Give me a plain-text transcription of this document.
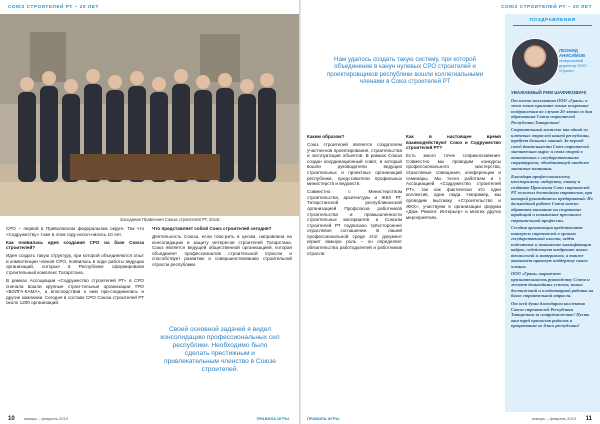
СОЮЗ СТРОИТЕЛЕЙ РТ – 20 ЛЕТ
Заседание Правления Союза строителей РТ, 2014г.

СРО – первой в Приволжском федеральном округе. Так что «Содружеству» тоже в этом году испол-нилось 10 лет.

Как появилась идея создания СРО на базе Союза строителей?

Идея создать такую структуру, при которой объединяются опыт и компетенции членов СРО, появилась в ходе работы ведущих организаций, которые в Республике сформировали строительный комплекс Татарстана.

В рамках Ассоциации «Содружество строителей РТ» в СРО сначала вошли крупные строи-тельные организации ТРО «ВОЛГА-КАМА», а впоследствии к ним при-соединились и другие компании. Сегодня в составе СРО Союза строителей РТ около 1200 организаций.

Что представляет собой Союз строителей сегодня?

Деятельность Союза, если гово-рить в целом, направлена на консолидацию и защиту интересов строителей Татарстана. Союз является ведущей общественной организацией, которая объединяет профессионалов строительной отрасли и способствует развитию и совершенствованию строительной отрасли республики.

Своей основной задачей я видел консолидацию профессиональных сил республики. Необходимо было сделать престижным и привлекательным членство в Союзе строителей.
10 январь – февраль 2019	ПРАВИЛА ИГРЫ
СОЮЗ СТРОИТЕЛЕЙ РТ – 20 ЛЕТ
Нам удалось создать такую систему, при которой объединение в канун нулевых СРО строителей и проектировщиков республики вошли коллегиальными членами в Союз строителей РТ

Каким образом?

Союз строителей является создателем участни-ков проектирования, строительства и эксплуатации объектов. В рамках Союза создан координационный совет, в который вошли руководители ведущих строительных и проектных организаций республики, представители профильных министерств и ведомств.

Совместно с Министерством строительства, архитектуры и ЖКХ РТ, Татарстанской республиканской организацией Профсоюза работников строительства и промышленности строительных материалов и Союзом строителей РТ подписано трёхстороннее отраслевое соглашение. В нашей профессиональной среде этот документ играет важную роль – он определяет обязательства работодателей и работников отрасли.

Как в настоящее время взаимодействуют Союз и Содружество строителей РТ?

Есть много точек соприкосновения. Совместно мы проводим конкурсы профессионального мастерства, отраслевые совещания, конференции и семинары. Мы тесно работаем и с Ассоциацией «Содружество строителей РТ», так как фактически это один коллектив, одни люди. Например, мы проводим выставку «Строительство и ЖКХ», участвуем в организации форума «Дом. Ремонт. Интерьер» и многих других мероприятиях.

ПОЗДРАВЛЕНИЯ
ЛЕОНИД АНИСИМОВ
генеральный директор ООО «Грань»

УВАЖАЕМЫЙ РИМ ШАФИКОВИЧ!

От имени коллектива ООО «Грань» и меня лично примите самые искренние поздравления по случаю 20-летия со дня образования Союза строителей Республики Татарстан!

Строительный комплекс как одной из ключевых отраслей нашей республики, требует больших знаний. За период своей деятельности Союз строителей значительно вырос и стал опорой в отношениях с государственными структурами, объединяющей наиболее значимые компании.

Благодаря профессионализму, неоспоримому лидерству, опыту и созданию Правления Союз строителей РТ заложил достойную стратегию, при которой руководители предприятий. Но дальнейшей работе Союза важно обратить внимание на сохранение традиций и повышение престижа строительной профессии.

Сегодня организация представляет интересы строителей в органах государственной власти, ведёт подготовку и повышение квалификации кадров, содействует внедрению новых технологий и материалов, а также оказывает правовую поддержку своим членам.

ООО «Грань» выражает признательность руководству Союза и желает дальнейших успехов, новых достижений и плодотворной работы на благо строительной отрасли.

От всей души благодарим коллектив Союза строителей Республики Татарстан за сотрудничество! Пусть ваш труд приносит радость и процветание во благо республики!

ПРАВИЛА ИГРЫ	январь – февраль 2019 11
